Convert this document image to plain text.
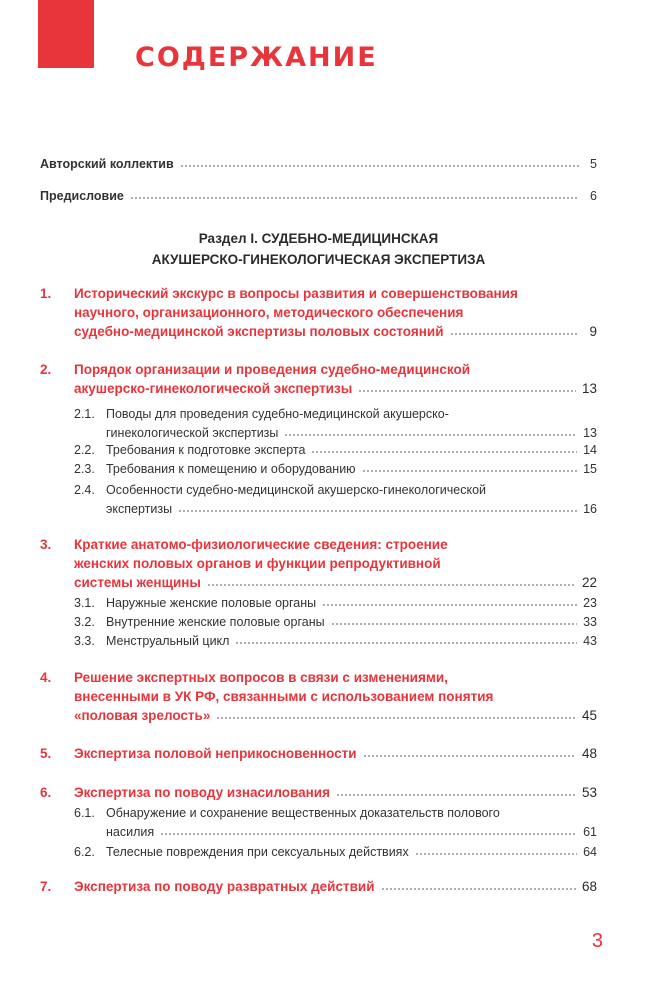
СОДЕРЖАНИЕ
Авторский коллектив	5
Предисловие	6
Раздел I. СУДЕБНО-МЕДИЦИНСКАЯ
АКУШЕРСКО-ГИНЕКОЛОГИЧЕСКАЯ ЭКСПЕРТИЗА
1. Исторический экскурс в вопросы развития и совершенствования
научного, организационного, методического обеспечения
судебно-медицинской экспертизы половых состояний	9
2. Порядок организации и проведения судебно-медицинской
акушерско-гинекологической экспертизы	13
2.1. Поводы для проведения судебно-медицинской акушерско-
гинекологической экспертизы	13
2.2. Требования к подготовке эксперта	14
2.3. Требования к помещению и оборудованию	15
2.4. Особенности судебно-медицинской акушерско-гинекологической
экспертизы	16
3. Краткие анатомо-физиологические сведения: строение
женских половых органов и функции репродуктивной
системы женщины	22
3.1. Наружные женские половые органы	23
3.2. Внутренние женские половые органы	33
3.3. Менструальный цикл	43
4. Решение экспертных вопросов в связи с изменениями,
внесенными в УК РФ, связанными с использованием понятия
«половая зрелость»	45
5. Экспертиза половой неприкосновенности	48
6. Экспертиза по поводу изнасилования	53
6.1. Обнаружение и сохранение вещественных доказательств полового
насилия	61
6.2. Телесные повреждения при сексуальных действиях	64
7. Экспертиза по поводу развратных действий	68
3
